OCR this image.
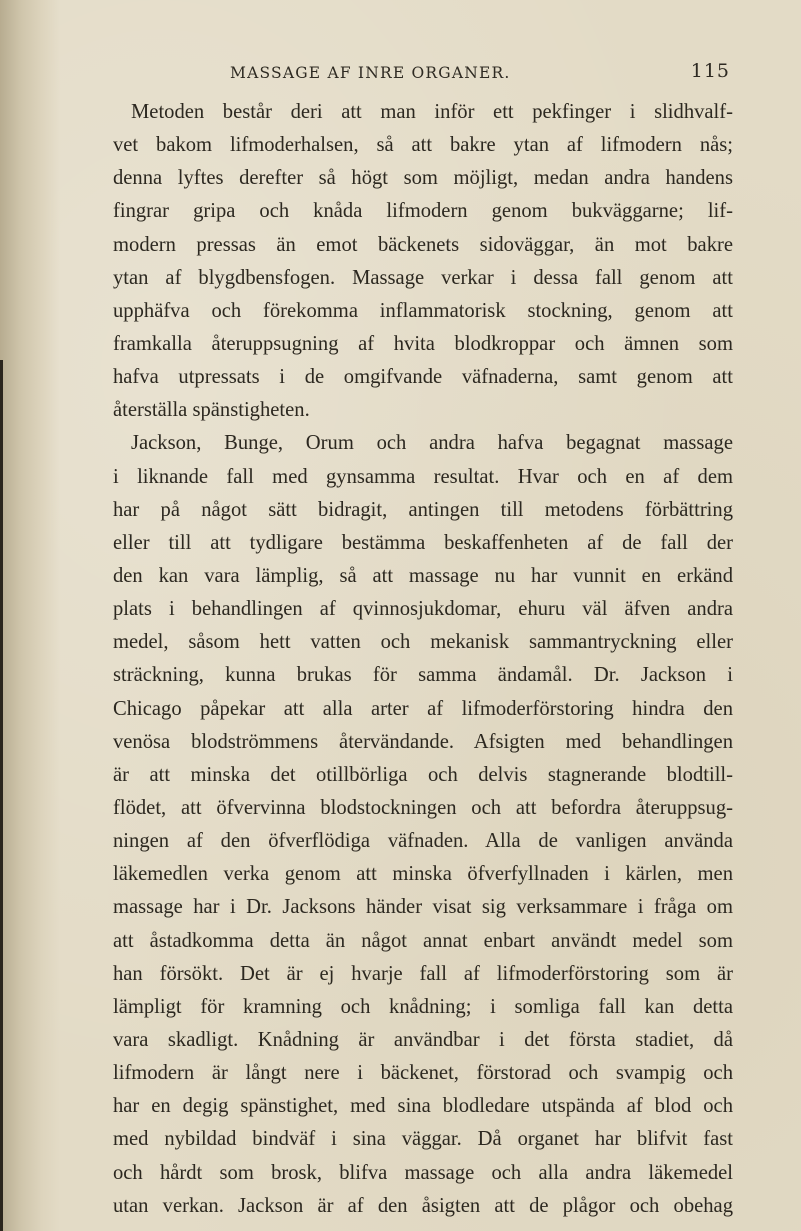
MASSAGE AF INRE ORGANER.	115
Metoden består deri att man inför ett pekfinger i slidhvalf-
vet bakom lifmoderhalsen, så att bakre ytan af lifmodern nås;
denna lyftes derefter så högt som möjligt, medan andra handens
fingrar gripa och knåda lifmodern genom bukväggarne; lif-
modern pressas än emot bäckenets sidoväggar, än mot bakre
ytan af blygdbensfogen. Massage verkar i dessa fall genom att
upphäfva och förekomma inflammatorisk stockning, genom att
framkalla återuppsugning af hvita blodkroppar och ämnen som
hafva utpressats i de omgifvande väfnaderna, samt genom att
återställa spänstigheten.
Jackson, Bunge, Orum och andra hafva begagnat massage
i liknande fall med gynsamma resultat. Hvar och en af dem
har på något sätt bidragit, antingen till metodens förbättring
eller till att tydligare bestämma beskaffenheten af de fall der
den kan vara lämplig, så att massage nu har vunnit en erkänd
plats i behandlingen af qvinnosjukdomar, ehuru väl äfven andra
medel, såsom hett vatten och mekanisk sammantryckning eller
sträckning, kunna brukas för samma ändamål. Dr. Jackson i
Chicago påpekar att alla arter af lifmoderförstoring hindra den
venösa blodströmmens återvändande. Afsigten med behandlingen
är att minska det otillbörliga och delvis stagnerande blodtill-
flödet, att öfvervinna blodstockningen och att befordra återuppsug-
ningen af den öfverflödiga väfnaden. Alla de vanligen använda
läkemedlen verka genom att minska öfverfyllnaden i kärlen, men
massage har i Dr. Jacksons händer visat sig verksammare i fråga om
att åstadkomma detta än något annat enbart användt medel som
han försökt. Det är ej hvarje fall af lifmoderförstoring som är
lämpligt för kramning och knådning; i somliga fall kan detta
vara skadligt. Knådning är användbar i det första stadiet, då
lifmodern är långt nere i bäckenet, förstorad och svampig och
har en degig spänstighet, med sina blodledare utspända af blod och
med nybildad bindväf i sina väggar. Då organet har blifvit fast
och hårdt som brosk, blifva massage och alla andra läkemedel
utan verkan. Jackson är af den åsigten att de plågor och obehag
